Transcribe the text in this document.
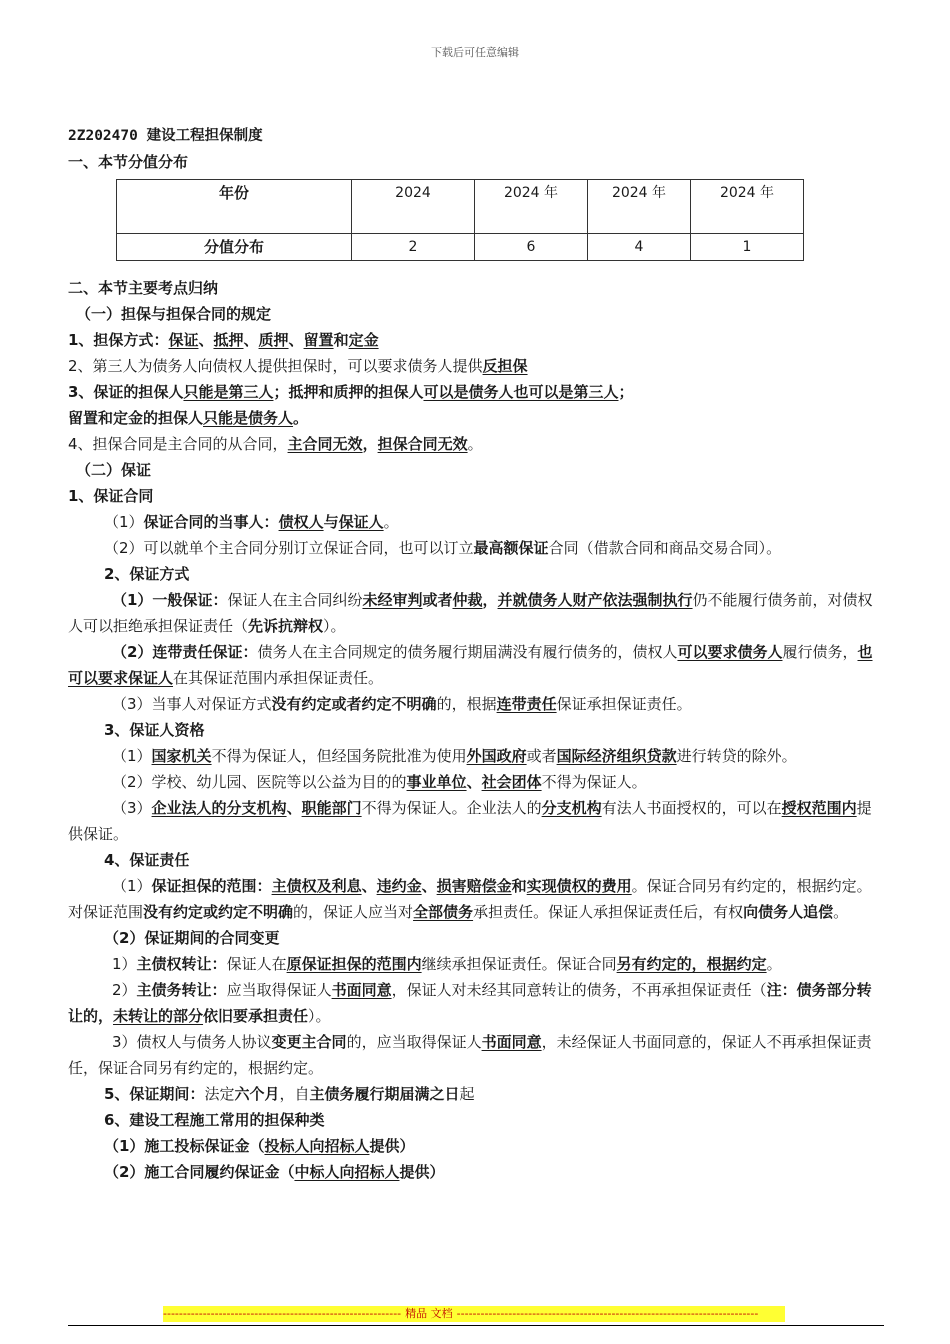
下载后可任意编辑

2Z202470 建设工程担保制度

一、本节分值分布

年份	2024	2024 年	2024 年	2024 年
分值分布	2	6	4	1

二、本节主要考点归纳

（一）担保与担保合同的规定

1、担保方式：保证、抵押、质押、留置和定金

2、第三人为债务人向债权人提供担保时，可以要求债务人提供反担保

3、保证的担保人只能是第三人；抵押和质押的担保人可以是债务人也可以是第三人；

留置和定金的担保人只能是债务人。

4、担保合同是主合同的从合同，主合同无效，担保合同无效。

（二）保证

1、保证合同

（1）保证合同的当事人：债权人与保证人。

（2）可以就单个主合同分别订立保证合同，也可以订立最高额保证合同（借款合同和商品交易合同）。

2、保证方式

（1）一般保证：保证人在主合同纠纷未经审判或者仲裁，并就债务人财产依法强制执行仍不能履行债务前，对债权人可以拒绝承担保证责任（先诉抗辩权）。

（2）连带责任保证：债务人在主合同规定的债务履行期届满没有履行债务的，债权人可以要求债务人履行债务，也可以要求保证人在其保证范围内承担保证责任。

（3）当事人对保证方式没有约定或者约定不明确的，根据连带责任保证承担保证责任。

3、保证人资格

（1）国家机关不得为保证人，但经国务院批准为使用外国政府或者国际经济组织贷款进行转贷的除外。

（2）学校、幼儿园、医院等以公益为目的的事业单位、社会团体不得为保证人。

（3）企业法人的分支机构、职能部门不得为保证人。企业法人的分支机构有法人书面授权的，可以在授权范围内提供保证。

4、保证责任

（1）保证担保的范围：主债权及利息、违约金、损害赔偿金和实现债权的费用。保证合同另有约定的，根据约定。对保证范围没有约定或约定不明确的，保证人应当对全部债务承担责任。保证人承担保证责任后，有权向债务人追偿。

（2）保证期间的合同变更

1）主债权转让：保证人在原保证担保的范围内继续承担保证责任。保证合同另有约定的，根据约定。

2）主债务转让：应当取得保证人书面同意，保证人对未经其同意转让的债务，不再承担保证责任（注：债务部分转让的，未转让的部分依旧要承担责任）。

3）债权人与债务人协议变更主合同的，应当取得保证人书面同意，未经保证人书面同意的，保证人不再承担保证责任，保证合同另有约定的，根据约定。

5、保证期间：法定六个月，自主债务履行期届满之日起

6、建设工程施工常用的担保种类

（1）施工投标保证金（投标人向招标人提供）

（2）施工合同履约保证金（中标人向招标人提供）

------------------------------------------------------------ 精品 文档 ----------------------------------------------------------------------------
